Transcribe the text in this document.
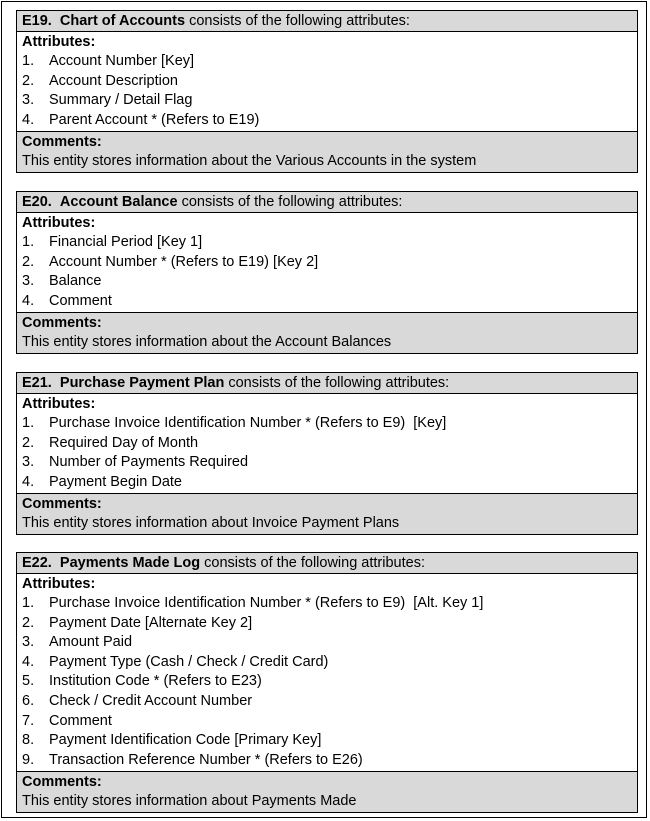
E19. Chart of Accounts consists of the following attributes:
Attributes:
1. Account Number [Key]
2. Account Description
3. Summary / Detail Flag
4. Parent Account * (Refers to E19)
Comments:
This entity stores information about the Various Accounts in the system
E20. Account Balance consists of the following attributes:
Attributes:
1. Financial Period [Key 1]
2. Account Number * (Refers to E19) [Key 2]
3. Balance
4. Comment
Comments:
This entity stores information about the Account Balances
E21. Purchase Payment Plan consists of the following attributes:
Attributes:
1. Purchase Invoice Identification Number * (Refers to E9)  [Key]
2. Required Day of Month
3. Number of Payments Required
4. Payment Begin Date
Comments:
This entity stores information about Invoice Payment Plans
E22. Payments Made Log consists of the following attributes:
Attributes:
1. Purchase Invoice Identification Number * (Refers to E9)  [Alt. Key 1]
2. Payment Date [Alternate Key 2]
3. Amount Paid
4. Payment Type (Cash / Check / Credit Card)
5. Institution Code * (Refers to E23)
6. Check / Credit Account Number
7. Comment
8. Payment Identification Code [Primary Key]
9. Transaction Reference Number * (Refers to E26)
Comments:
This entity stores information about Payments Made
